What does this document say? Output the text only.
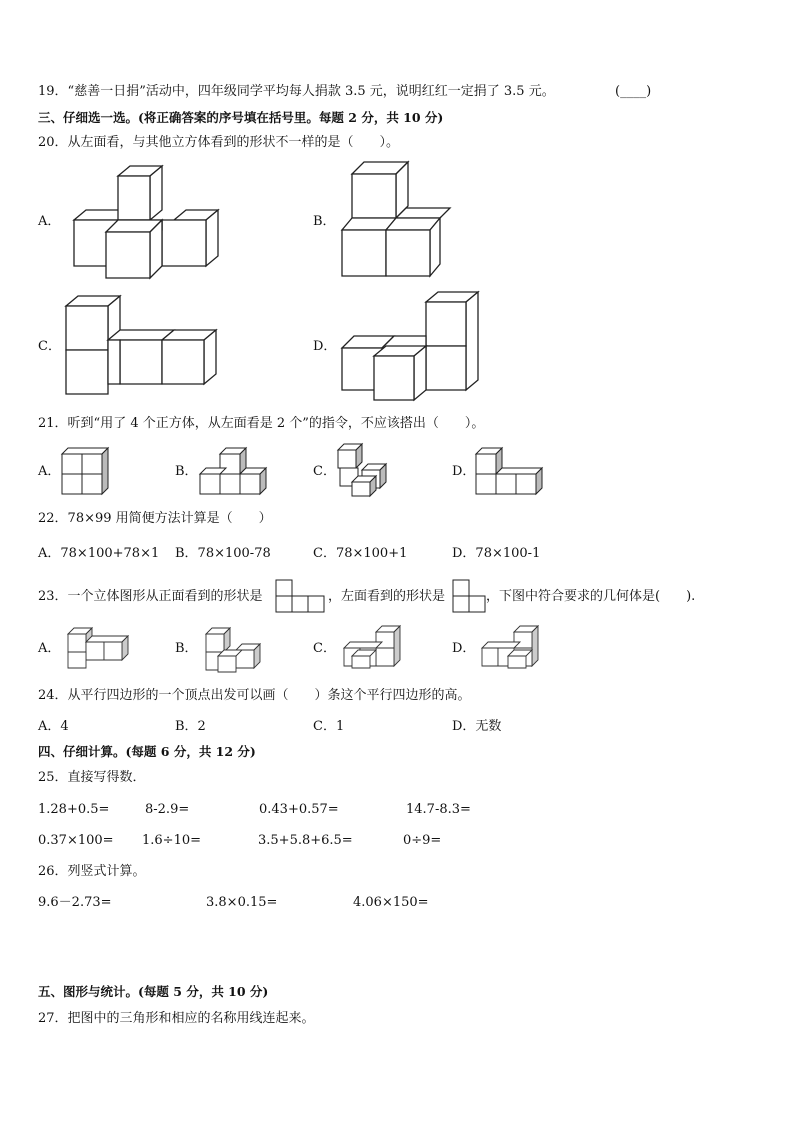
19．“慈善一日捐”活动中，四年级同学平均每人捐款 3.5 元，说明红红一定捐了 3.5 元。	(____)
三、仔细选一选。(将正确答案的序号填在括号里。每题 2 分，共 10 分)
20．从左面看，与其他立方体看到的形状不一样的是（　　）。
A．	B．
C．	D．
21．听到“用了 4 个正方体，从左面看是 2 个”的指令，不应该搭出（　　）。
A．	B．	C．	D．
22．78×99 用简便方法计算是（　　）
A．78×100+78×1 B．78×100-78	C．78×100+1	D．78×100-1
23．一个立体图形从正面看到的形状是	，左面看到的形状是	，下图中符合要求的几何体是(　　).
A．	B．	C．	D．
24．从平行四边形的一个顶点出发可以画（　　）条这个平行四边形的高。
A．4	B．2	C．1	D．无数
四、仔细计算。(每题 6 分，共 12 分)
25．直接写得数．
1.28+0.5=	8-2.9=	0.43+0.57=	14.7-8.3=
0.37×100= 1.6÷10=	3.5+5.8+6.5=	0÷9=
26．列竖式计算。
9.6－2.73=	3.8×0.15=	4.06×150=
五、图形与统计。(每题 5 分，共 10 分)
27．把图中的三角形和相应的名称用线连起来。
